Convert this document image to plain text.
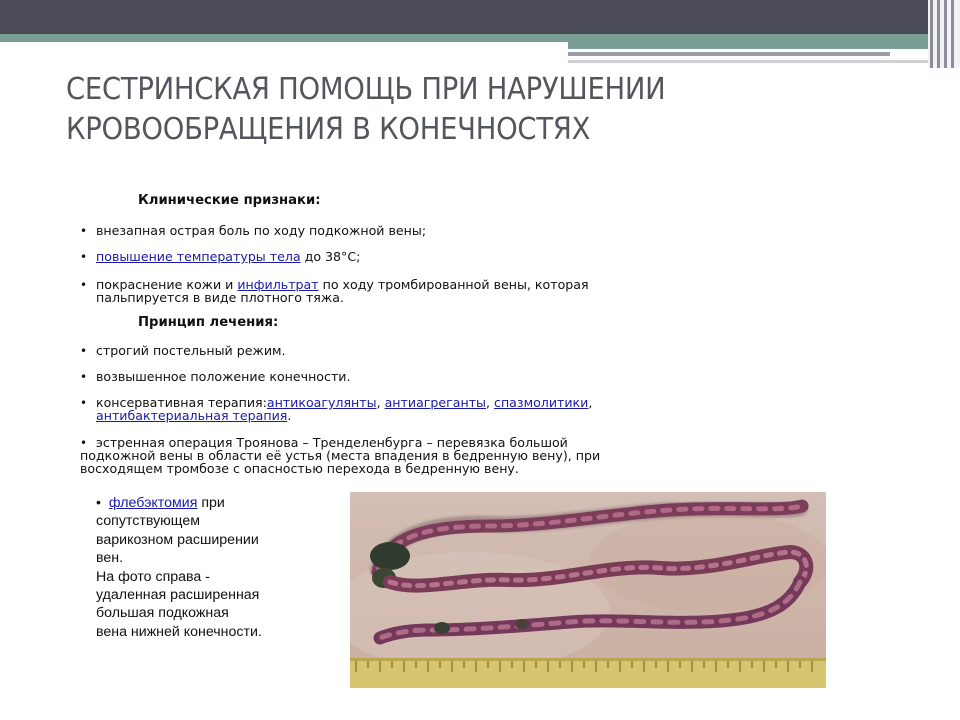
СЕСТРИНСКАЯ ПОМОЩЬ ПРИ НАРУШЕНИИ
КРОВООБРАЩЕНИЯ В КОНЕЧНОСТЯХ
Клинические признаки:
• внезапная острая боль по ходу подкожной вены;
• повышение температуры тела до 38°С;
• покраснение кожи и инфильтрат по ходу тромбированной вены, которая
пальпируется в виде плотного тяжа.
Принцип лечения:
• строгий постельный режим.
• возвышенное положение конечности.
• консервативная терапия:антикоагулянты, антиагреганты, спазмолитики,
антибактериальная терапия.
• эстренная операция Троянова – Тренделенбурга – перевязка большой
подкожной вены в области её устья (места впадения в бедренную вену), при
восходящем тромбозе с опасностью перехода в бедренную вену.
• флебэктомия при
сопутствующем
варикозном расширении
вен.
На фото справа -
удаленная расширенная
большая подкожная
вена нижней конечности.
